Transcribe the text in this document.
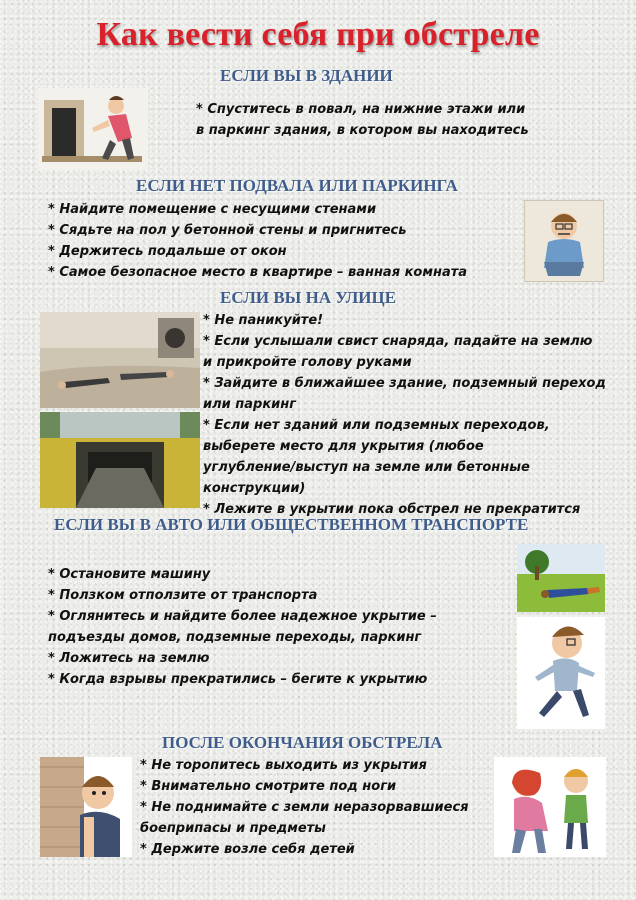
Как вести себя при обстреле
ЕСЛИ ВЫ В ЗДАНИИ
* Спуститесь в повал, на нижние этажи или
в паркинг здания, в котором вы находитесь
ЕСЛИ НЕТ ПОДВАЛА ИЛИ ПАРКИНГА
* Найдите помещение с несущими стенами
* Сядьте на пол у бетонной стены и пригнитесь
* Держитесь подальше от окон
* Самое безопасное место в квартире – ванная комната
ЕСЛИ ВЫ НА УЛИЦЕ
* Не паникуйте!
* Если услышали свист снаряда, падайте на землю
и прикройте голову руками
* Зайдите в ближайшее здание, подземный переход
или паркинг
* Если нет зданий или подземных переходов,
выберете место для укрытия (любое
углубление/выступ на земле или бетонные
конструкции)
* Лежите в укрытии пока обстрел не прекратится
ЕСЛИ ВЫ В АВТО ИЛИ ОБЩЕСТВЕННОМ ТРАНСПОРТЕ
* Остановите машину
* Ползком отползите от транспорта
* Оглянитесь и найдите более надежное укрытие –
подъезды домов, подземные переходы, паркинг
* Ложитесь на землю
* Когда взрывы прекратились – бегите к укрытию
ПОСЛЕ ОКОНЧАНИЯ ОБСТРЕЛА
* Не торопитесь выходить из укрытия
* Внимательно смотрите под ноги
* Не поднимайте с земли неразорвавшиеся
боеприпасы и предметы
* Держите возле себя детей
